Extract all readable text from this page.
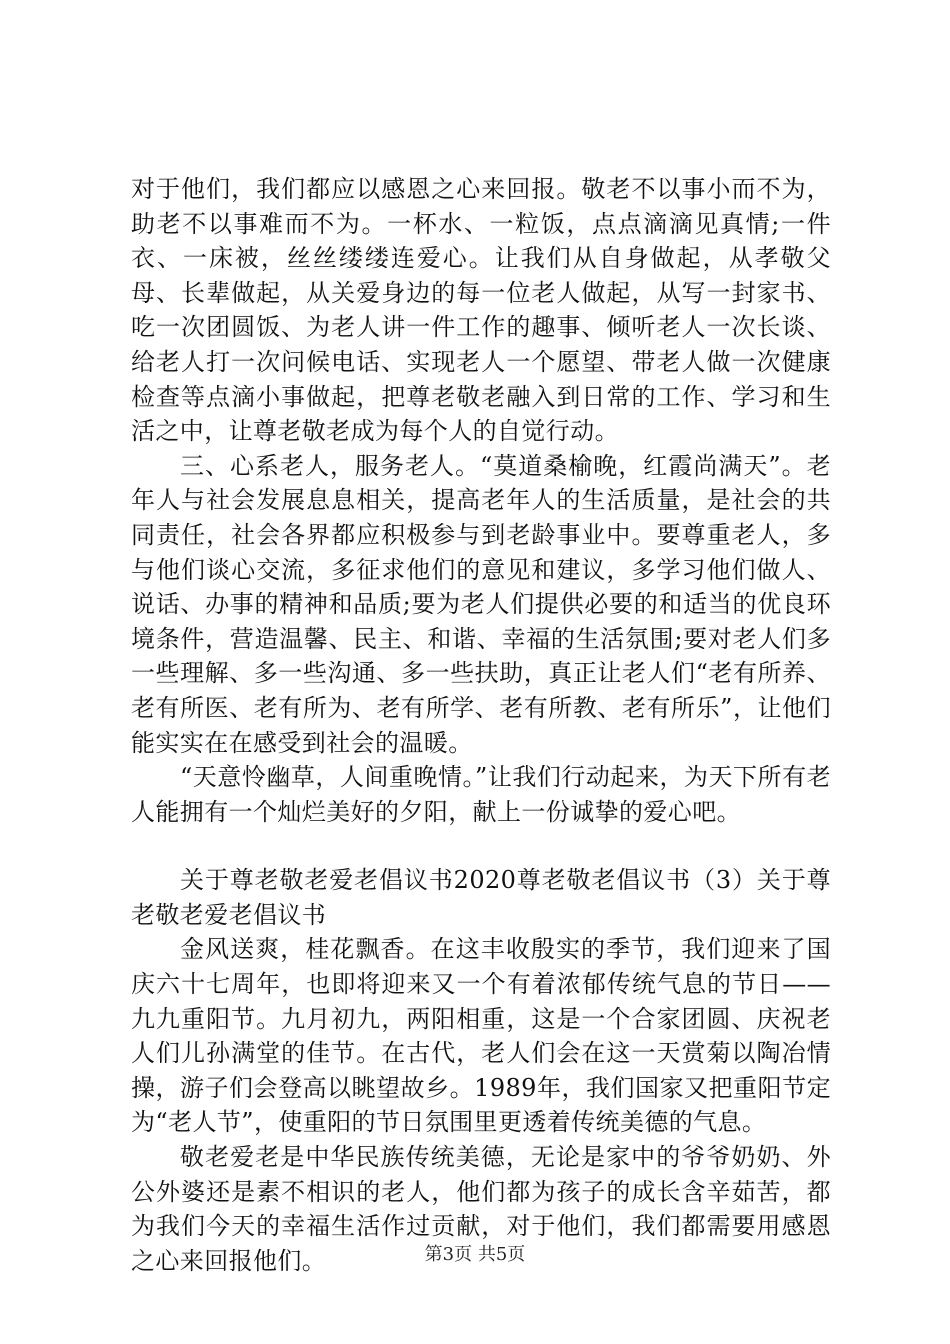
对于他们，我们都应以感恩之心来回报。敬老不以事小而不为，助老不以事难而不为。一杯水、一粒饭，点点滴滴见真情;一件衣、一床被，丝丝缕缕连爱心。让我们从自身做起，从孝敬父母、长辈做起，从关爱身边的每一位老人做起，从写一封家书、吃一次团圆饭、为老人讲一件工作的趣事、倾听老人一次长谈、给老人打一次问候电话、实现老人一个愿望、带老人做一次健康检查等点滴小事做起，把尊老敬老融入到日常的工作、学习和生活之中，让尊老敬老成为每个人的自觉行动。

三、心系老人，服务老人。“莫道桑榆晚，红霞尚满天”。老年人与社会发展息息相关，提高老年人的生活质量，是社会的共同责任，社会各界都应积极参与到老龄事业中。要尊重老人，多与他们谈心交流，多征求他们的意见和建议，多学习他们做人、说话、办事的精神和品质;要为老人们提供必要的和适当的优良环境条件，营造温馨、民主、和谐、幸福的生活氛围;要对老人们多一些理解、多一些沟通、多一些扶助，真正让老人们“老有所养、老有所医、老有所为、老有所学、老有所教、老有所乐”，让他们能实实在在感受到社会的温暖。

“天意怜幽草，人间重晚情。”让我们行动起来，为天下所有老人能拥有一个灿烂美好的夕阳，献上一份诚挚的爱心吧。

关于尊老敬老爱老倡议书2020尊老敬老倡议书（3）关于尊老敬老爱老倡议书

金风送爽，桂花飘香。在这丰收殷实的季节，我们迎来了国庆六十七周年，也即将迎来又一个有着浓郁传统气息的节日——九九重阳节。九月初九，两阳相重，这是一个合家团圆、庆祝老人们儿孙满堂的佳节。在古代，老人们会在这一天赏菊以陶冶情操，游子们会登高以眺望故乡。1989年，我们国家又把重阳节定为“老人节”，使重阳的节日氛围里更透着传统美德的气息。

敬老爱老是中华民族传统美德，无论是家中的爷爷奶奶、外公外婆还是素不相识的老人，他们都为孩子的成长含辛茹苦，都为我们今天的幸福生活作过贡献，对于他们，我们都需要用感恩之心来回报他们。	第3页 共5页
